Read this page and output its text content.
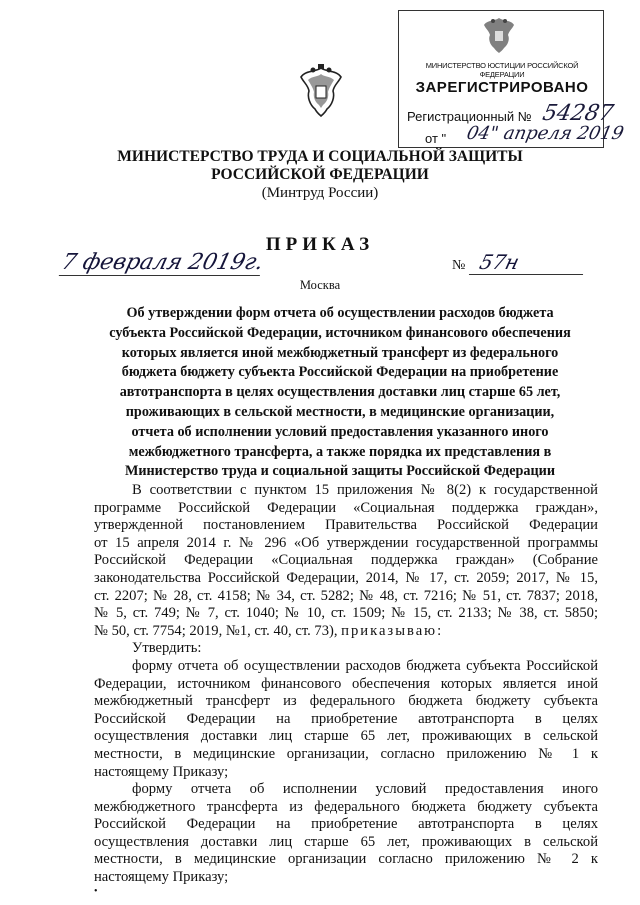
МИНИСТЕРСТВО ЮСТИЦИИ РОССИЙСКОЙ ФЕДЕРАЦИИ
ЗАРЕГИСТРИРОВАНО
Регистрационный № 54287
от " 04" апреля 2019
МИНИСТЕРСТВО ТРУДА И СОЦИАЛЬНОЙ ЗАЩИТЫ
РОССИЙСКОЙ ФЕДЕРАЦИИ
(Минтруд России)
ПРИКАЗ
7 февраля 2019г.	№ 57н
Москва
Об утверждении форм отчета об осуществлении расходов бюджета
субъекта Российской Федерации, источником финансового обеспечения
которых является иной межбюджетный трансферт из федерального
бюджета бюджету субъекта Российской Федерации на приобретение
автотранспорта в целях осуществления доставки лиц старше 65 лет,
проживающих в сельской местности, в медицинские организации,
отчета об исполнении условий предоставления указанного иного
межбюджетного трансферта, а также порядка их представления в
Министерство труда и социальной защиты Российской Федерации
В соответствии с пунктом 15 приложения № 8(2) к государственной
программе Российской Федерации «Социальная поддержка граждан»,
утвержденной постановлением Правительства Российской Федерации
от 15 апреля 2014 г. № 296 «Об утверждении государственной программы
Российской Федерации «Социальная поддержка граждан» (Собрание
законодательства Российской Федерации, 2014, № 17, ст. 2059; 2017, № 15,
ст. 2207; № 28, ст. 4158; № 34, ст. 5282; № 48, ст. 7216; № 51, ст. 7837; 2018,
№ 5, ст. 749; № 7, ст. 1040; № 10, ст. 1509; № 15, ст. 2133; № 38, ст. 5850;
№ 50, ст. 7754; 2019, №1, ст. 40, ст. 73), приказываю:
Утвердить:
форму отчета об осуществлении расходов бюджета субъекта Российской
Федерации, источником финансового обеспечения которых является иной
межбюджетный трансферт из федерального бюджета бюджету субъекта
Российской Федерации на приобретение автотранспорта в целях
осуществления доставки лиц старше 65 лет, проживающих в сельской
местности, в медицинские организации, согласно приложению № 1 к
настоящему Приказу;
форму отчета об исполнении условий предоставления иного
межбюджетного трансферта из федерального бюджета бюджету субъекта
Российской Федерации на приобретение автотранспорта в целях
осуществления доставки лиц старше 65 лет, проживающих в сельской
местности, в медицинские организации согласно приложению № 2 к
настоящему Приказу;
•
